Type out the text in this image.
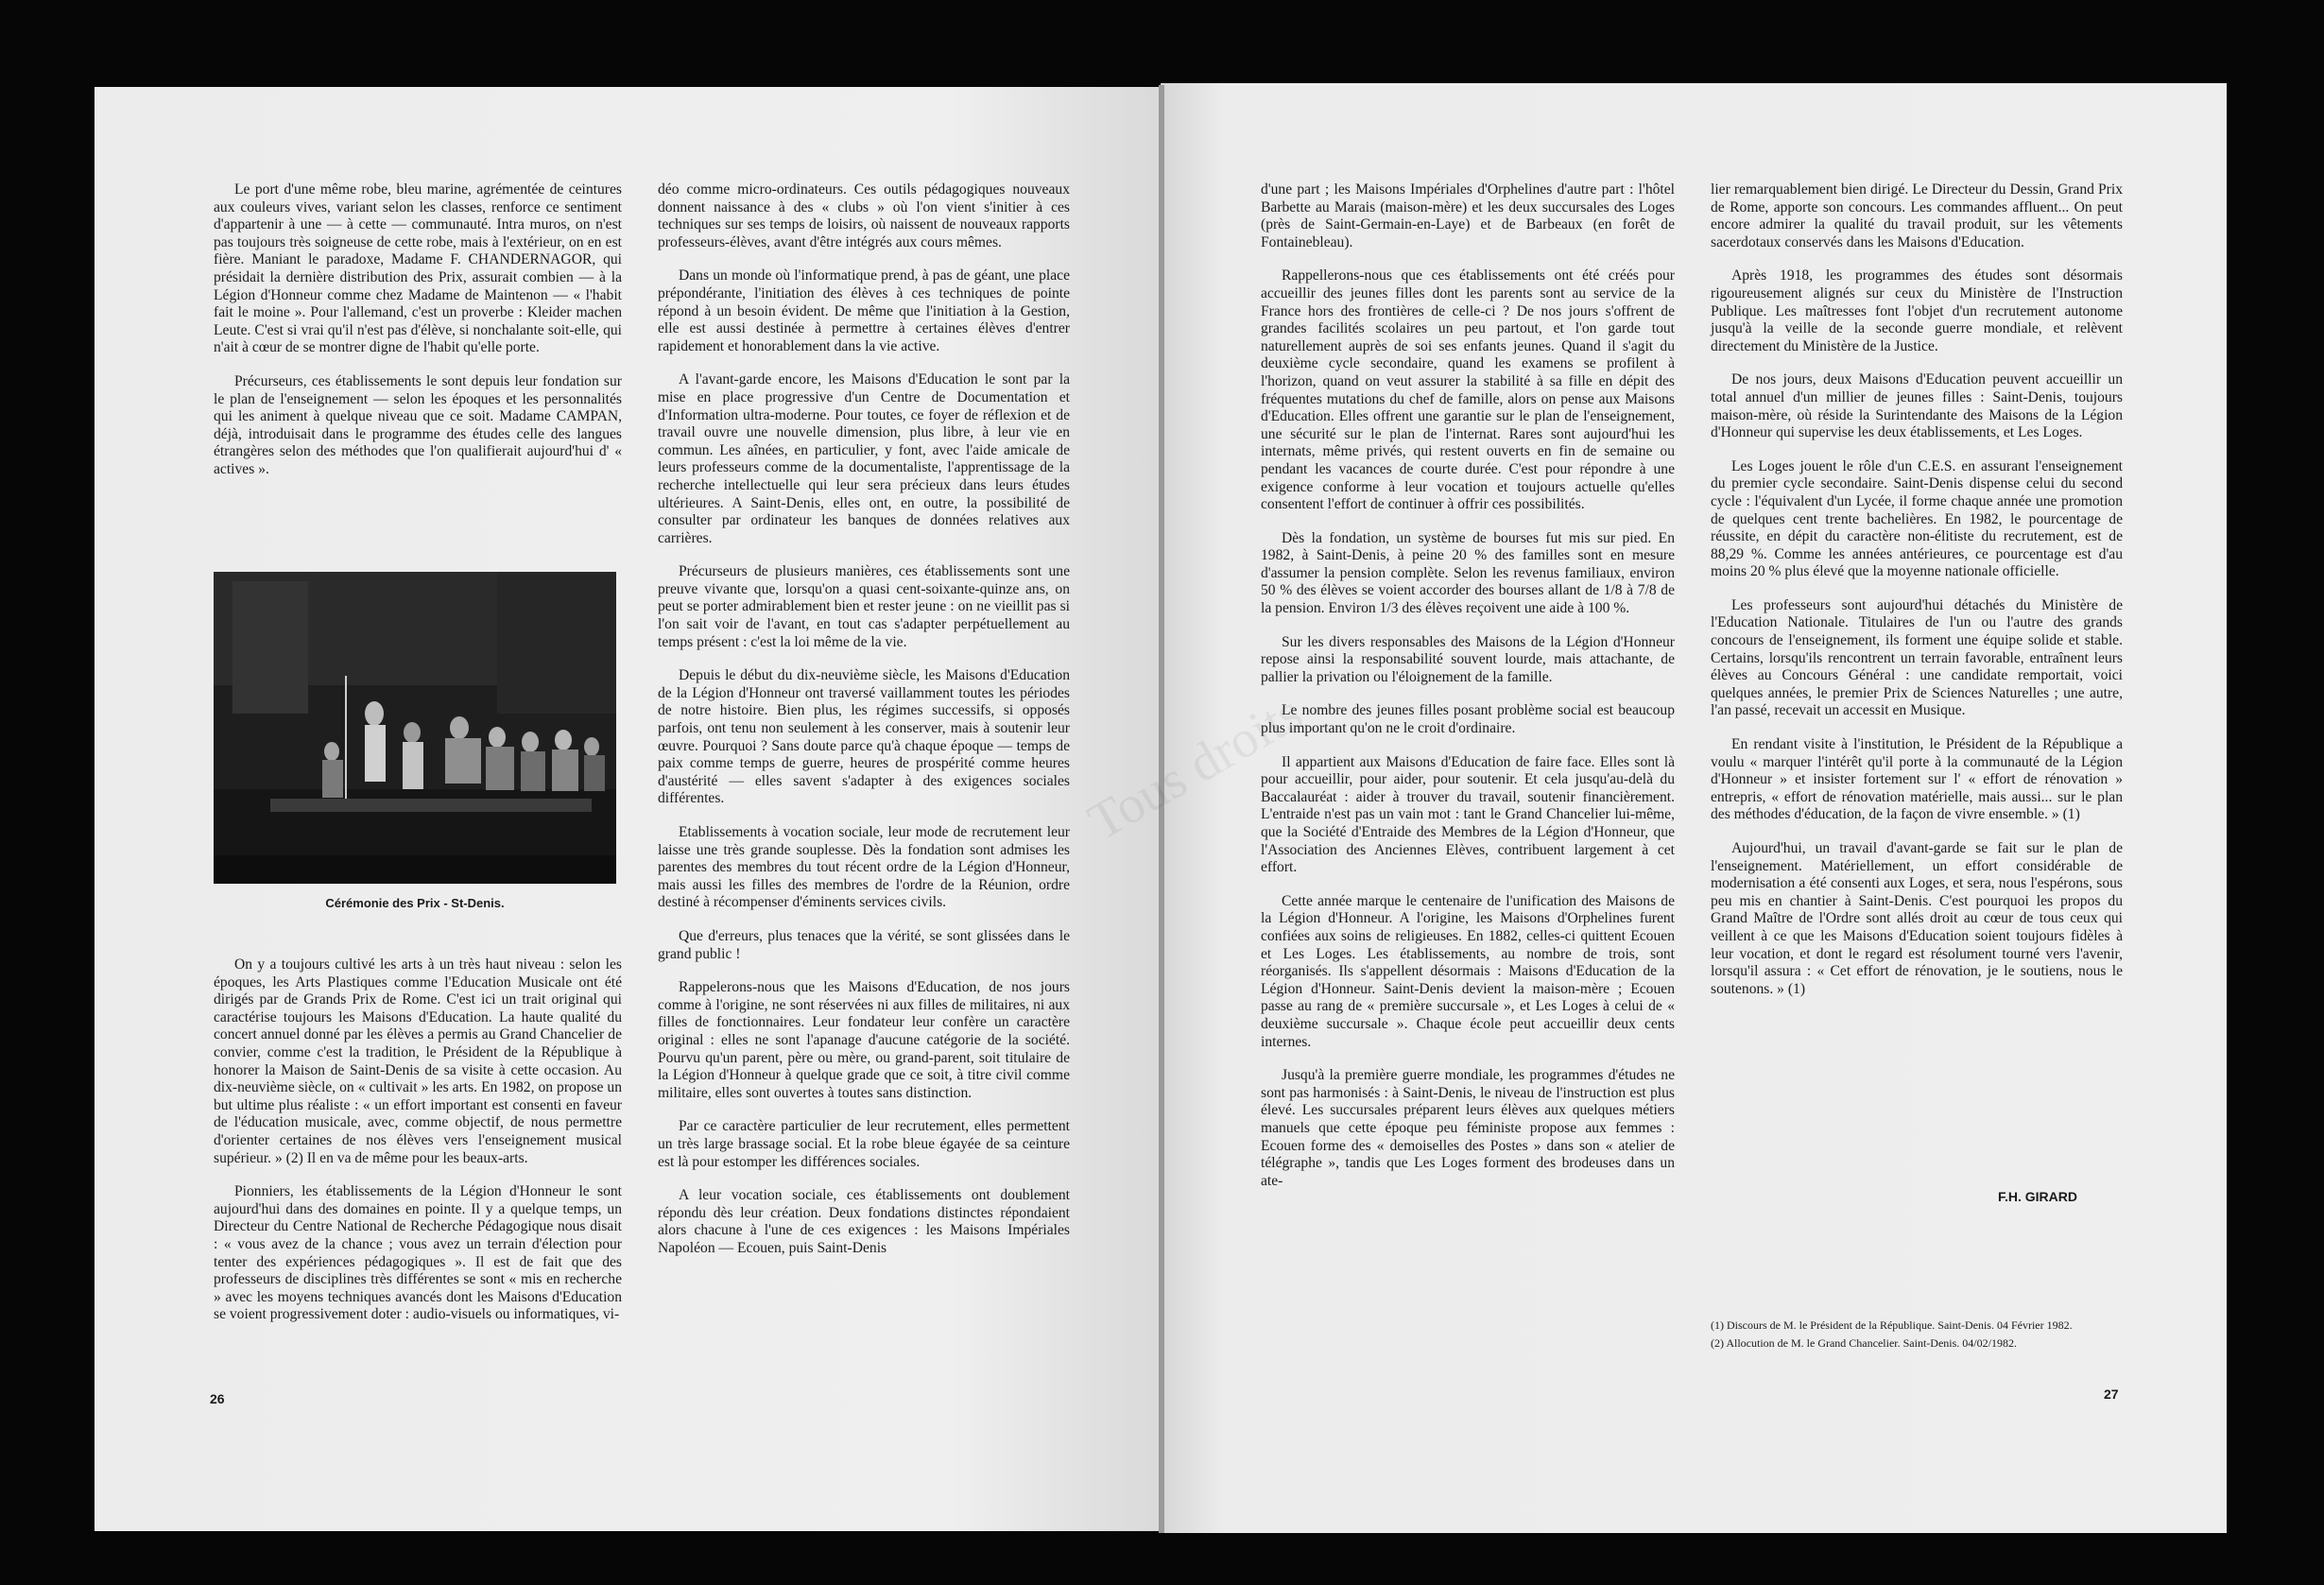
Le port d'une même robe, bleu marine, agrémentée de ceintures aux couleurs vives, variant selon les classes, renforce ce sentiment d'appartenir à une — à cette — communauté. Intra muros, on n'est pas toujours très soigneuse de cette robe, mais à l'extérieur, on en est fière. Maniant le paradoxe, Madame F. CHANDERNAGOR, qui présidait la dernière distribution des Prix, assurait combien — à la Légion d'Honneur comme chez Madame de Maintenon — « l'habit fait le moine ». Pour l'allemand, c'est un proverbe : Kleider machen Leute. C'est si vrai qu'il n'est pas d'élève, si nonchalante soit-elle, qui n'ait à cœur de se montrer digne de l'habit qu'elle porte.

Précurseurs, ces établissements le sont depuis leur fondation sur le plan de l'enseignement — selon les époques et les personnalités qui les animent à quelque niveau que ce soit. Madame CAMPAN, déjà, introduisait dans le programme des études celle des langues étrangères selon des méthodes que l'on qualifierait aujourd'hui d' « actives ».

Cérémonie des Prix - St-Denis.

On y a toujours cultivé les arts à un très haut niveau : selon les époques, les Arts Plastiques comme l'Education Musicale ont été dirigés par de Grands Prix de Rome. C'est ici un trait original qui caractérise toujours les Maisons d'Education. La haute qualité du concert annuel donné par les élèves a permis au Grand Chancelier de convier, comme c'est la tradition, le Président de la République à honorer la Maison de Saint-Denis de sa visite à cette occasion. Au dix-neuvième siècle, on « cultivait » les arts. En 1982, on propose un but ultime plus réaliste : « un effort important est consenti en faveur de l'éducation musicale, avec, comme objectif, de nous permettre d'orienter certaines de nos élèves vers l'enseignement musical supérieur. » (2) Il en va de même pour les beaux-arts.

Pionniers, les établissements de la Légion d'Honneur le sont aujourd'hui dans des domaines en pointe. Il y a quelque temps, un Directeur du Centre National de Recherche Pédagogique nous disait : « vous avez de la chance ; vous avez un terrain d'élection pour tenter des expériences pédagogiques ». Il est de fait que des professeurs de disciplines très différentes se sont « mis en recherche » avec les moyens techniques avancés dont les Maisons d'Education se voient progressivement doter : audio-visuels ou informatiques, vi-

déo comme micro-ordinateurs. Ces outils pédagogiques nouveaux donnent naissance à des « clubs » où l'on vient s'initier à ces techniques sur ses temps de loisirs, où naissent de nouveaux rapports professeurs-élèves, avant d'être intégrés aux cours mêmes.

Dans un monde où l'informatique prend, à pas de géant, une place prépondérante, l'initiation des élèves à ces techniques de pointe répond à un besoin évident. De même que l'initiation à la Gestion, elle est aussi destinée à permettre à certaines élèves d'entrer rapidement et honorablement dans la vie active.

A l'avant-garde encore, les Maisons d'Education le sont par la mise en place progressive d'un Centre de Documentation et d'Information ultra-moderne. Pour toutes, ce foyer de réflexion et de travail ouvre une nouvelle dimension, plus libre, à leur vie en commun. Les aînées, en particulier, y font, avec l'aide amicale de leurs professeurs comme de la documentaliste, l'apprentissage de la recherche intellectuelle qui leur sera précieux dans leurs études ultérieures. A Saint-Denis, elles ont, en outre, la possibilité de consulter par ordinateur les banques de données relatives aux carrières.

Précurseurs de plusieurs manières, ces établissements sont une preuve vivante que, lorsqu'on a quasi cent-soixante-quinze ans, on peut se porter admirablement bien et rester jeune : on ne vieillit pas si l'on sait voir de l'avant, en tout cas s'adapter perpétuellement au temps présent : c'est la loi même de la vie.

Depuis le début du dix-neuvième siècle, les Maisons d'Education de la Légion d'Honneur ont traversé vaillamment toutes les périodes de notre histoire. Bien plus, les régimes successifs, si opposés parfois, ont tenu non seulement à les conserver, mais à soutenir leur œuvre. Pourquoi ? Sans doute parce qu'à chaque époque — temps de paix comme temps de guerre, heures de prospérité comme heures d'austérité — elles savent s'adapter à des exigences sociales différentes.

Etablissements à vocation sociale, leur mode de recrutement leur laisse une très grande souplesse. Dès la fondation sont admises les parentes des membres du tout récent ordre de la Légion d'Honneur, mais aussi les filles des membres de l'ordre de la Réunion, ordre destiné à récompenser d'éminents services civils.

Que d'erreurs, plus tenaces que la vérité, se sont glissées dans le grand public !

Rappelerons-nous que les Maisons d'Education, de nos jours comme à l'origine, ne sont réservées ni aux filles de militaires, ni aux filles de fonctionnaires. Leur fondateur leur confère un caractère original : elles ne sont l'apanage d'aucune catégorie de la société. Pourvu qu'un parent, père ou mère, ou grand-parent, soit titulaire de la Légion d'Honneur à quelque grade que ce soit, à titre civil comme militaire, elles sont ouvertes à toutes sans distinction.

Par ce caractère particulier de leur recrutement, elles permettent un très large brassage social. Et la robe bleue égayée de sa ceinture est là pour estomper les différences sociales.

A leur vocation sociale, ces établissements ont doublement répondu dès leur création. Deux fondations distinctes répondaient alors chacune à l'une de ces exigences : les Maisons Impériales Napoléon — Ecouen, puis Saint-Denis

26

d'une part ; les Maisons Impériales d'Orphelines d'autre part : l'hôtel Barbette au Marais (maison-mère) et les deux succursales des Loges (près de Saint-Germain-en-Laye) et de Barbeaux (en forêt de Fontainebleau).

Rappellerons-nous que ces établissements ont été créés pour accueillir des jeunes filles dont les parents sont au service de la France hors des frontières de celle-ci ? De nos jours s'offrent de grandes facilités scolaires un peu partout, et l'on garde tout naturellement auprès de soi ses enfants jeunes. Quand il s'agit du deuxième cycle secondaire, quand les examens se profilent à l'horizon, quand on veut assurer la stabilité à sa fille en dépit des fréquentes mutations du chef de famille, alors on pense aux Maisons d'Education. Elles offrent une garantie sur le plan de l'enseignement, une sécurité sur le plan de l'internat. Rares sont aujourd'hui les internats, même privés, qui restent ouverts en fin de semaine ou pendant les vacances de courte durée. C'est pour répondre à une exigence conforme à leur vocation et toujours actuelle qu'elles consentent l'effort de continuer à offrir ces possibilités.

Dès la fondation, un système de bourses fut mis sur pied. En 1982, à Saint-Denis, à peine 20 % des familles sont en mesure d'assumer la pension complète. Selon les revenus familiaux, environ 50 % des élèves se voient accorder des bourses allant de 1/8 à 7/8 de la pension. Environ 1/3 des élèves reçoivent une aide à 100 %.

Sur les divers responsables des Maisons de la Légion d'Honneur repose ainsi la responsabilité souvent lourde, mais attachante, de pallier la privation ou l'éloignement de la famille.

Le nombre des jeunes filles posant problème social est beaucoup plus important qu'on ne le croit d'ordinaire.

Il appartient aux Maisons d'Education de faire face. Elles sont là pour accueillir, pour aider, pour soutenir. Et cela jusqu'au-delà du Baccalauréat : aider à trouver du travail, soutenir financièrement. L'entraide n'est pas un vain mot : tant le Grand Chancelier lui-même, que la Société d'Entraide des Membres de la Légion d'Honneur, que l'Association des Anciennes Elèves, contribuent largement à cet effort.

Cette année marque le centenaire de l'unification des Maisons de la Légion d'Honneur. A l'origine, les Maisons d'Orphelines furent confiées aux soins de religieuses. En 1882, celles-ci quittent Ecouen et Les Loges. Les établissements, au nombre de trois, sont réorganisés. Ils s'appellent désormais : Maisons d'Education de la Légion d'Honneur. Saint-Denis devient la maison-mère ; Ecouen passe au rang de « première succursale », et Les Loges à celui de « deuxième succursale ». Chaque école peut accueillir deux cents internes.

Jusqu'à la première guerre mondiale, les programmes d'études ne sont pas harmonisés : à Saint-Denis, le niveau de l'instruction est plus élevé. Les succursales préparent leurs élèves aux quelques métiers manuels que cette époque peu féministe propose aux femmes : Ecouen forme des « demoiselles des Postes » dans son « atelier de télégraphe », tandis que Les Loges forment des brodeuses dans un ate-

lier remarquablement bien dirigé. Le Directeur du Dessin, Grand Prix de Rome, apporte son concours. Les commandes affluent... On peut encore admirer la qualité du travail produit, sur les vêtements sacerdotaux conservés dans les Maisons d'Education.

Après 1918, les programmes des études sont désormais rigoureusement alignés sur ceux du Ministère de l'Instruction Publique. Les maîtresses font l'objet d'un recrutement autonome jusqu'à la veille de la seconde guerre mondiale, et relèvent directement du Ministère de la Justice.

De nos jours, deux Maisons d'Education peuvent accueillir un total annuel d'un millier de jeunes filles : Saint-Denis, toujours maison-mère, où réside la Surintendante des Maisons de la Légion d'Honneur qui supervise les deux établissements, et Les Loges.

Les Loges jouent le rôle d'un C.E.S. en assurant l'enseignement du premier cycle secondaire. Saint-Denis dispense celui du second cycle : l'équivalent d'un Lycée, il forme chaque année une promotion de quelques cent trente bachelières. En 1982, le pourcentage de réussite, en dépit du caractère non-élitiste du recrutement, est de 88,29 %. Comme les années antérieures, ce pourcentage est d'au moins 20 % plus élevé que la moyenne nationale officielle.

Les professeurs sont aujourd'hui détachés du Ministère de l'Education Nationale. Titulaires de l'un ou l'autre des grands concours de l'enseignement, ils forment une équipe solide et stable. Certains, lorsqu'ils rencontrent un terrain favorable, entraînent leurs élèves au Concours Général : une candidate remportait, voici quelques années, le premier Prix de Sciences Naturelles ; une autre, l'an passé, recevait un accessit en Musique.

En rendant visite à l'institution, le Président de la République a voulu « marquer l'intérêt qu'il porte à la communauté de la Légion d'Honneur » et insister fortement sur l' « effort de rénovation » entrepris, « effort de rénovation matérielle, mais aussi... sur le plan des méthodes d'éducation, de la façon de vivre ensemble. » (1)

Aujourd'hui, un travail d'avant-garde se fait sur le plan de l'enseignement. Matériellement, un effort considérable de modernisation a été consenti aux Loges, et sera, nous l'espérons, sous peu mis en chantier à Saint-Denis. C'est pourquoi les propos du Grand Maître de l'Ordre sont allés droit au cœur de tous ceux qui veillent à ce que les Maisons d'Education soient toujours fidèles à leur vocation, et dont le regard est résolument tourné vers l'avenir, lorsqu'il assura : « Cet effort de rénovation, je le soutiens, nous le soutenons. » (1)

F.H. GIRARD
(1) Discours de M. le Président de la République. Saint-Denis. 04 Février 1982.
(2) Allocution de M. le Grand Chancelier. Saint-Denis. 04/02/1982.
27
